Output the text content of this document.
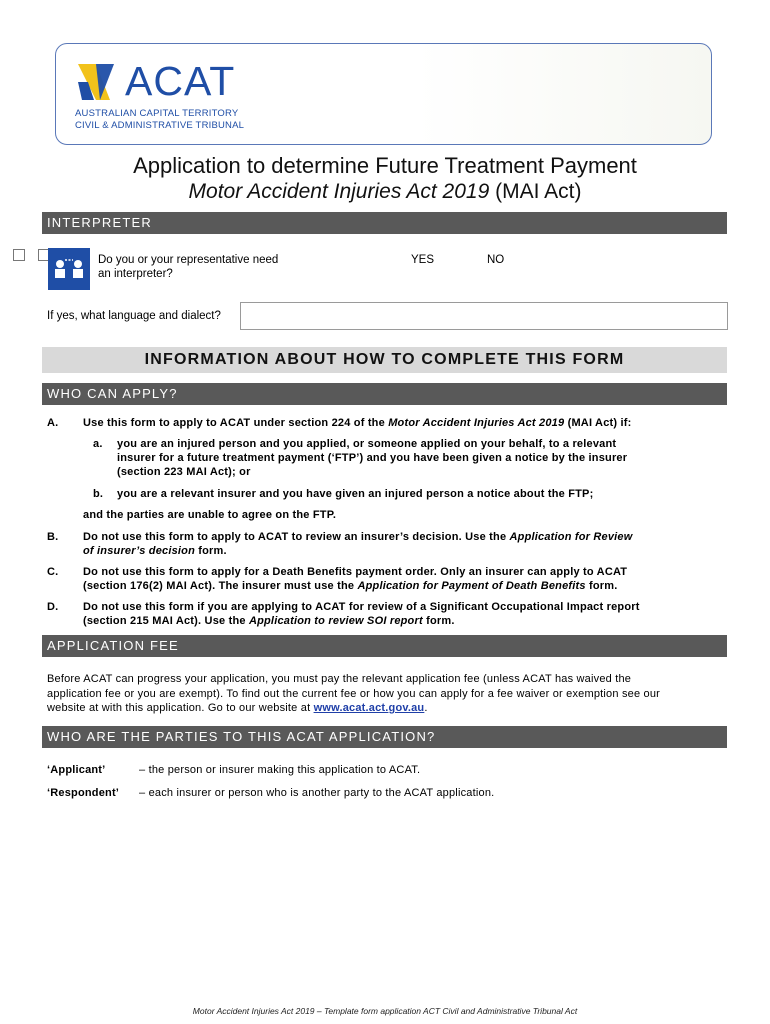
ACAT
AUSTRALIAN CAPITAL TERRITORY
CIVIL & ADMINISTRATIVE TRIBUNAL
Application to determine Future Treatment Payment
Motor Accident Injuries Act 2019 (MAI Act)
INTERPRETER
Do you or your representative need
an interpreter?
YES	NO
If yes, what language and dialect?
INFORMATION ABOUT HOW TO COMPLETE THIS FORM
WHO CAN APPLY?
A. Use this form to apply to ACAT under section 224 of the Motor Accident Injuries Act 2019 (MAI Act) if:
a. you are an injured person and you applied, or someone applied on your behalf, to a relevant
insurer for a future treatment payment (‘FTP’) and you have been given a notice by the insurer
(section 223 MAI Act); or
b. you are a relevant insurer and you have given an injured person a notice about the FTP;
and the parties are unable to agree on the FTP.
B. Do not use this form to apply to ACAT to review an insurer’s decision. Use the Application for Review
of insurer’s decision form.
C. Do not use this form to apply for a Death Benefits payment order. Only an insurer can apply to ACAT
(section 176(2) MAI Act). The insurer must use the Application for Payment of Death Benefits form.
D. Do not use this form if you are applying to ACAT for review of a Significant Occupational Impact report
(section 215 MAI Act). Use the Application to review SOI report form.
APPLICATION FEE
Before ACAT can progress your application, you must pay the relevant application fee (unless ACAT has waived the
application fee or you are exempt). To find out the current fee or how you can apply for a fee waiver or exemption see our
website at with this application. Go to our website at www.acat.act.gov.au.
WHO ARE THE PARTIES TO THIS ACAT APPLICATION?
‘Applicant’	– the person or insurer making this application to ACAT.
‘Respondent’ – each insurer or person who is another party to the ACAT application.
Motor Accident Injuries Act 2019 – Template form application ACT Civil and Administrative Tribunal Act
